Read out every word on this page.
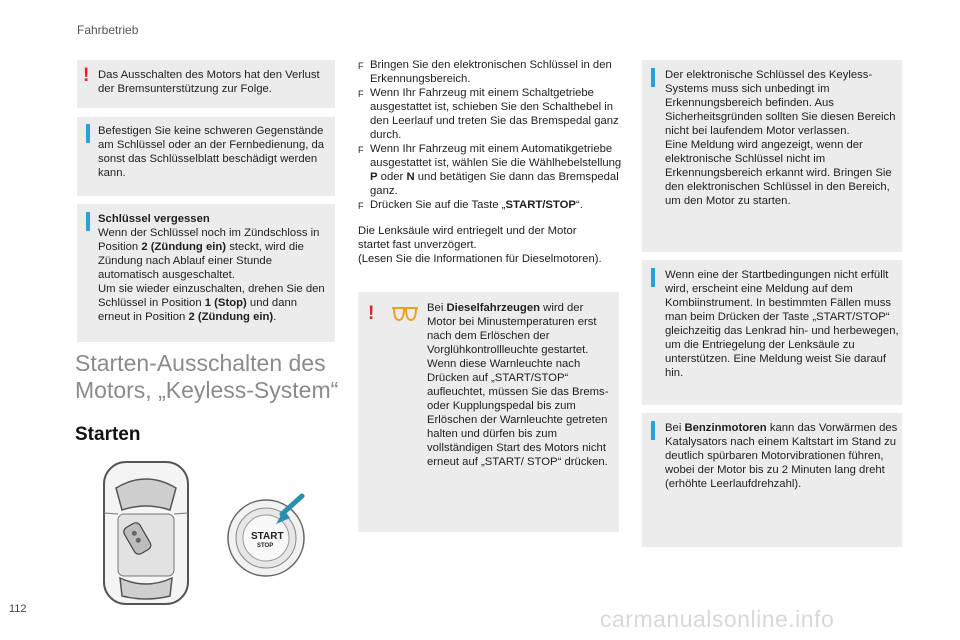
Fahrbetrieb
! Das Ausschalten des Motors hat den Verlust der Bremsunterstützung zur Folge.
Befestigen Sie keine schweren Gegenstände am Schlüssel oder an der Fernbedienung, da sonst das Schlüsselblatt beschädigt werden kann.
Schlüssel vergessen
Wenn der Schlüssel noch im Zündschloss in Position 2 (Zündung ein) steckt, wird die Zündung nach Ablauf einer Stunde automatisch ausgeschaltet.
Um sie wieder einzuschalten, drehen Sie den Schlüssel in Position 1 (Stop) und dann erneut in Position 2 (Zündung ein).
Starten-Ausschalten des Motors, „Keyless-System“
Starten
START
STOP
F Bringen Sie den elektronischen Schlüssel in den Erkennungsbereich.
F Wenn Ihr Fahrzeug mit einem Schaltgetriebe ausgestattet ist, schieben Sie den Schalthebel in den Leerlauf und treten Sie das Bremspedal ganz durch.
F Wenn Ihr Fahrzeug mit einem Automatikgetriebe ausgestattet ist, wählen Sie die Wählhebelstellung P oder N und betätigen Sie dann das Bremspedal ganz.
F Drücken Sie auf die Taste „START/STOP“.
Die Lenksäule wird entriegelt und der Motor startet fast unverzögert.
(Lesen Sie die Informationen für Dieselmotoren).
!	Bei Dieselfahrzeugen wird der Motor bei Minustemperaturen erst nach dem Erlöschen der Vorglühkontrollleuchte gestartet. Wenn diese Warnleuchte nach Drücken auf „START/STOP“ aufleuchtet, müssen Sie das Brems- oder Kupplungspedal bis zum Erlöschen der Warnleuchte getreten halten und dürfen bis zum vollständigen Start des Motors nicht erneut auf „START/ STOP“ drücken.
Der elektronische Schlüssel des Keyless-Systems muss sich unbedingt im Erkennungsbereich befinden. Aus Sicherheitsgründen sollten Sie diesen Bereich nicht bei laufendem Motor verlassen.
Eine Meldung wird angezeigt, wenn der elektronische Schlüssel nicht im Erkennungsbereich erkannt wird. Bringen Sie den elektronischen Schlüssel in den Bereich, um den Motor zu starten.
Wenn eine der Startbedingungen nicht erfüllt wird, erscheint eine Meldung auf dem Kombiinstrument. In bestimmten Fällen muss man beim Drücken der Taste „START/STOP“ gleichzeitig das Lenkrad hin- und herbewegen, um die Entriegelung der Lenksäule zu unterstützen. Eine Meldung weist Sie darauf hin.
Bei Benzinmotoren kann das Vorwärmen des Katalysators nach einem Kaltstart im Stand zu deutlich spürbaren Motorvibrationen führen, wobei der Motor bis zu 2 Minuten lang dreht (erhöhte Leerlaufdrehzahl).
112	carmanualsonline.info
